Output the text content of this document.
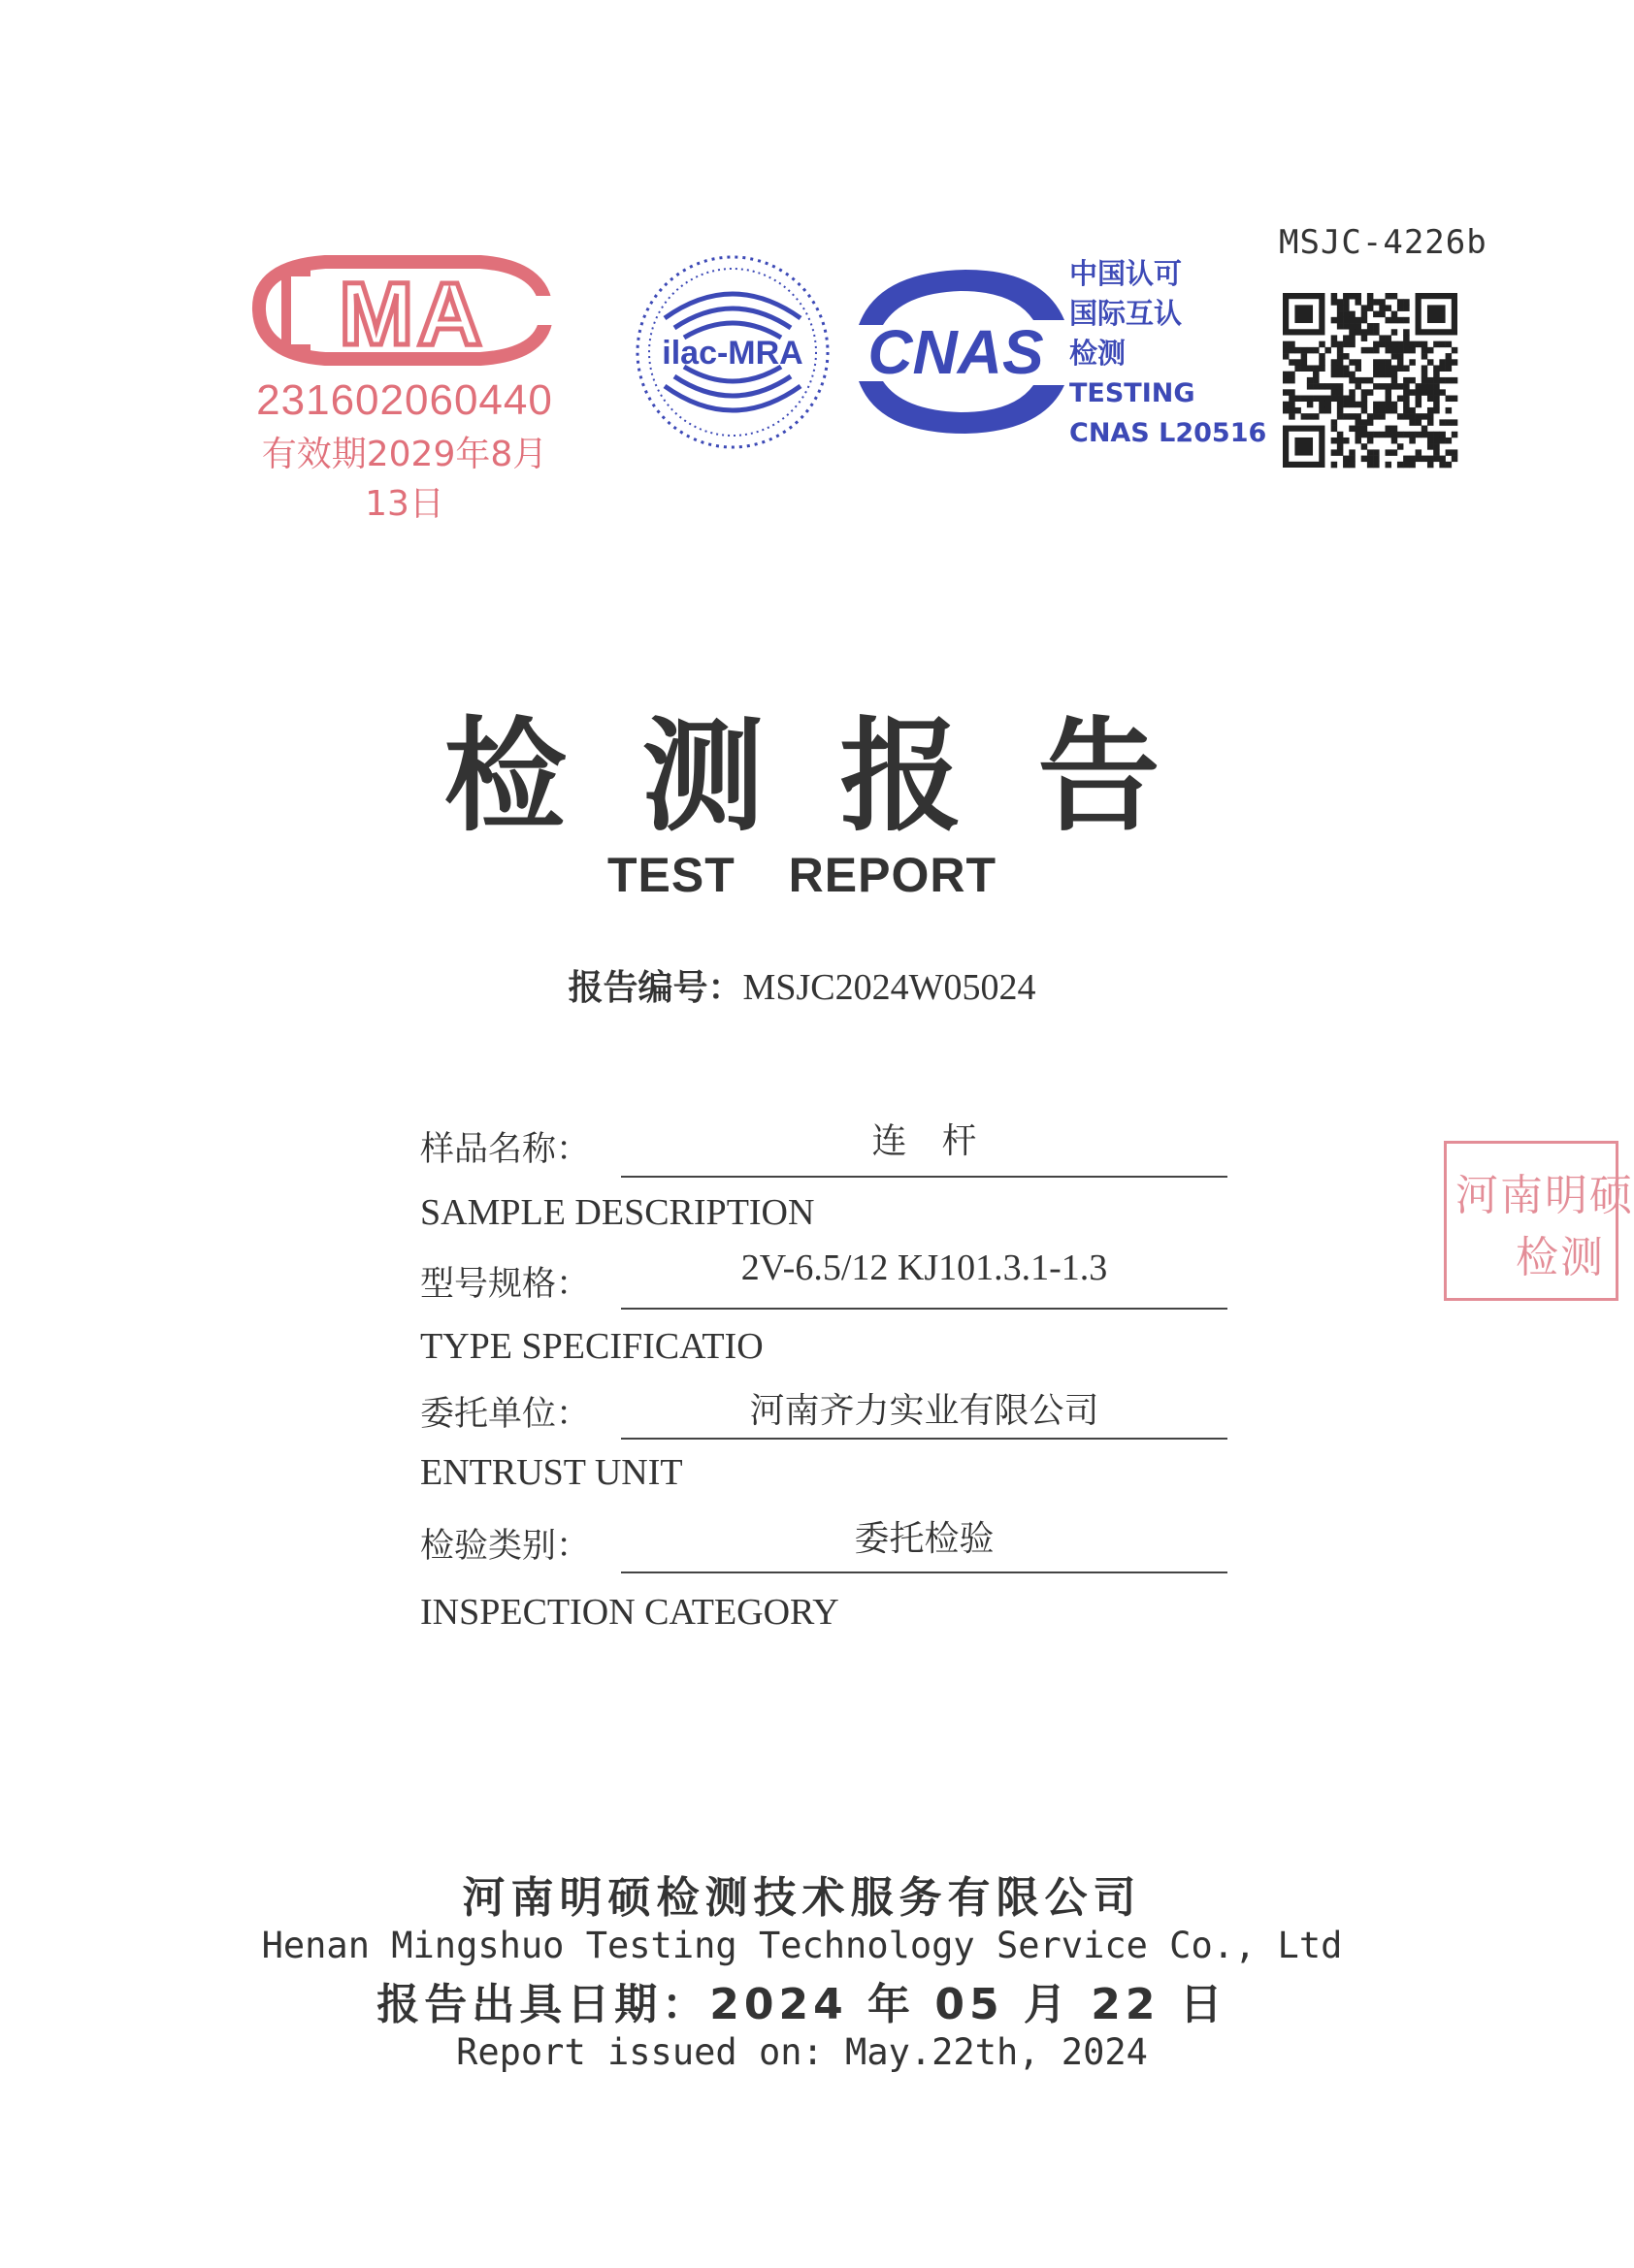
MSJC-4226b
MA
231602060440
有效期2029年8月13日
ilac-MRA CNAS
中国认可
国际互认
检测
TESTING
CNAS L20516
检测报告
TEST REPORT
报告编号：MSJC2024W05024
样品名称：	连　杆
SAMPLE DESCRIPTION
型号规格：	2V-6.5/12 KJ101.3.1-1.3
TYPE SPECIFICATIO
委托单位：	河南齐力实业有限公司
ENTRUST UNIT
检验类别：	委托检验
INSPECTION CATEGORY
河南明硕
检测
河南明硕检测技术服务有限公司
Henan Mingshuo Testing Technology Service Co., Ltd
报告出具日期：2024 年 05 月 22 日
Report issued on: May.22th, 2024
